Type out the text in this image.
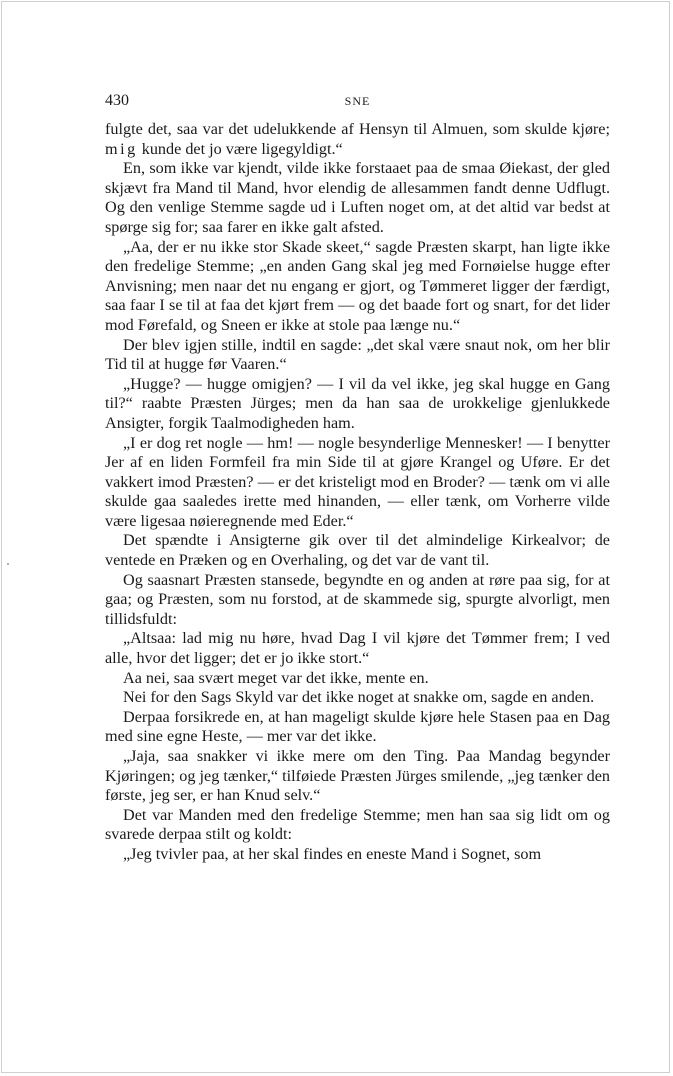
430	SNE

fulgte det, saa var det udelukkende af Hensyn til Almuen, som skulde kjøre; mig kunde det jo være ligegyldigt.“

En, som ikke var kjendt, vilde ikke forstaaet paa de smaa Øiekast, der gled skjævt fra Mand til Mand, hvor elendig de allesammen fandt denne Udflugt. Og den venlige Stemme sagde ud i Luften noget om, at det altid var bedst at spørge sig for; saa farer en ikke galt afsted.

„Aa, der er nu ikke stor Skade skeet,“ sagde Præsten skarpt, han ligte ikke den fredelige Stemme; „en anden Gang skal jeg med Fornøielse hugge efter Anvisning; men naar det nu engang er gjort, og Tømmeret ligger der færdigt, saa faar I se til at faa det kjørt frem — og det baade fort og snart, for det lider mod Førefald, og Sneen er ikke at stole paa længe nu.“

Der blev igjen stille, indtil en sagde: „det skal være snaut nok, om her blir Tid til at hugge før Vaaren.“

„Hugge? — hugge omigjen? — I vil da vel ikke, jeg skal hugge en Gang til?“ raabte Præsten Jürges; men da han saa de urokkelige gjenlukkede Ansigter, forgik Taalmodigheden ham.

„I er dog ret nogle — hm! — nogle besynderlige Mennesker! — I benytter Jer af en liden Formfeil fra min Side til at gjøre Krangel og Uføre. Er det vakkert imod Præsten? — er det kristeligt mod en Broder? — tænk om vi alle skulde gaa saaledes irette med hinanden, — eller tænk, om Vorherre vilde være ligesaa nøieregnende med Eder.“

Det spændte i Ansigterne gik over til det almindelige Kirkealvor; de ventede en Præken og en Overhaling, og det var de vant til.

Og saasnart Præsten stansede, begyndte en og anden at røre paa sig, for at gaa; og Præsten, som nu forstod, at de skammede sig, spurgte alvorligt, men tillidsfuldt:

„Altsaa: lad mig nu høre, hvad Dag I vil kjøre det Tømmer frem; I ved alle, hvor det ligger; det er jo ikke stort.“

Aa nei, saa svært meget var det ikke, mente en.

Nei for den Sags Skyld var det ikke noget at snakke om, sagde en anden.

Derpaa forsikrede en, at han mageligt skulde kjøre hele Stasen paa en Dag med sine egne Heste, — mer var det ikke.

„Jaja, saa snakker vi ikke mere om den Ting. Paa Mandag begynder Kjøringen; og jeg tænker,“ tilføiede Præsten Jürges smilende, „jeg tænker den første, jeg ser, er han Knud selv.“

Det var Manden med den fredelige Stemme; men han saa sig lidt om og svarede derpaa stilt og koldt:

„Jeg tvivler paa, at her skal findes en eneste Mand i Sognet, som
